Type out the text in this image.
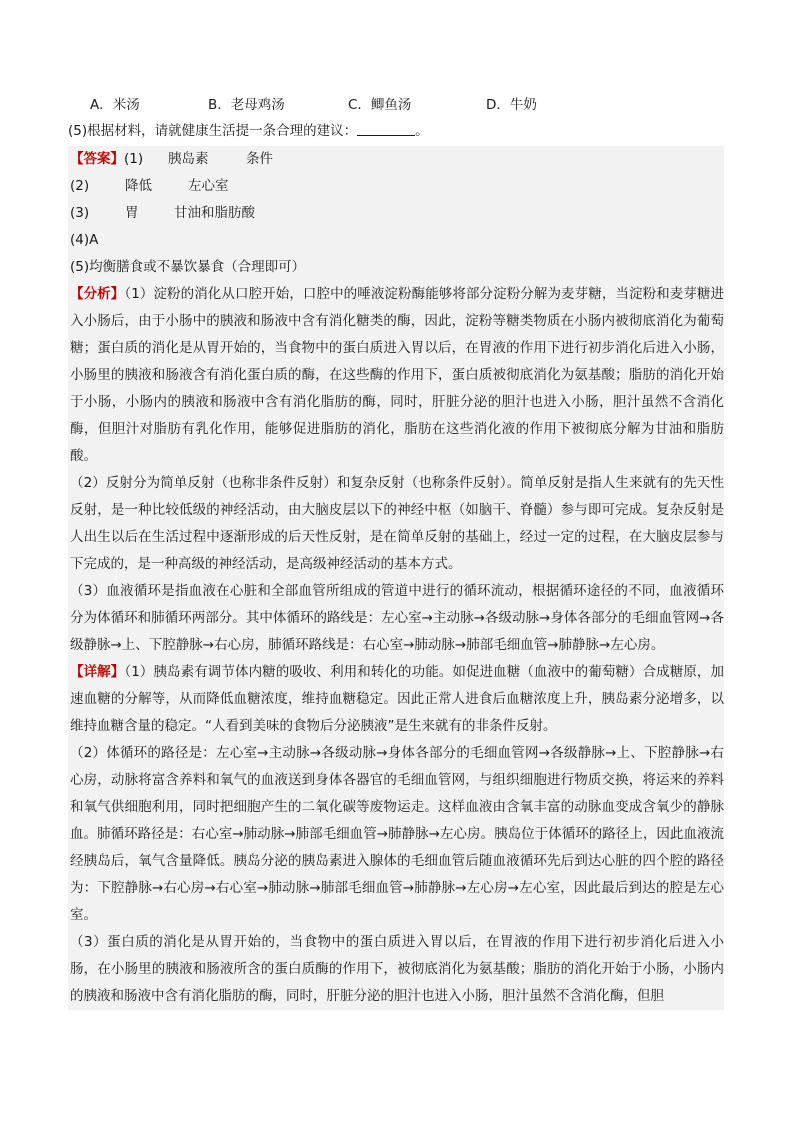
A．米汤	B．老母鸡汤	C．鲫鱼汤	D．牛奶
(5)根据材料，请就健康生活提一条合理的建议：	。
【答案】(1) 胰岛素	条件
(2)	降低	左心室
(3)	胃	甘油和脂肪酸
(4)A
(5)均衡膳食或不暴饮暴食（合理即可）
【分析】（1）淀粉的消化从口腔开始，口腔中的唾液淀粉酶能够将部分淀粉分解为麦芽糖，当淀粉和麦芽糖进入小肠后，由于小肠中的胰液和肠液中含有消化糖类的酶，因此，淀粉等糖类物质在小肠内被彻底消化为葡萄糖；蛋白质的消化是从胃开始的，当食物中的蛋白质进入胃以后，在胃液的作用下进行初步消化后进入小肠，小肠里的胰液和肠液含有消化蛋白质的酶，在这些酶的作用下，蛋白质被彻底消化为氨基酸；脂肪的消化开始于小肠，小肠内的胰液和肠液中含有消化脂肪的酶，同时，肝脏分泌的胆汁也进入小肠，胆汁虽然不含消化酶，但胆汁对脂肪有乳化作用，能够促进脂肪的消化，脂肪在这些消化液的作用下被彻底分解为甘油和脂肪酸。
（2）反射分为简单反射（也称非条件反射）和复杂反射（也称条件反射）。简单反射是指人生来就有的先天性反射，是一种比较低级的神经活动，由大脑皮层以下的神经中枢（如脑干、脊髓）参与即可完成。复杂反射是人出生以后在生活过程中逐渐形成的后天性反射，是在简单反射的基础上，经过一定的过程，在大脑皮层参与下完成的，是一种高级的神经活动，是高级神经活动的基本方式。
（3）血液循环是指血液在心脏和全部血管所组成的管道中进行的循环流动，根据循环途径的不同，血液循环分为体循环和肺循环两部分。其中体循环的路线是：左心室→主动脉→各级动脉→身体各部分的毛细血管网→各级静脉→上、下腔静脉→右心房，肺循环路线是：右心室→肺动脉→肺部毛细血管→肺静脉→左心房。
【详解】（1）胰岛素有调节体内糖的吸收、利用和转化的功能。如促进血糖（血液中的葡萄糖）合成糖原，加速血糖的分解等，从而降低血糖浓度，维持血糖稳定。因此正常人进食后血糖浓度上升，胰岛素分泌增多，以维持血糖含量的稳定。“人看到美味的食物后分泌胰液”是生来就有的非条件反射。
（2）体循环的路径是：左心室→主动脉→各级动脉→身体各部分的毛细血管网→各级静脉→上、下腔静脉→右心房，动脉将富含养料和氧气的血液送到身体各器官的毛细血管网，与组织细胞进行物质交换，将运来的养料和氧气供细胞利用，同时把细胞产生的二氧化碳等废物运走。这样血液由含氧丰富的动脉血变成含氧少的静脉血。肺循环路径是：右心室→肺动脉→肺部毛细血管→肺静脉→左心房。胰岛位于体循环的路径上，因此血液流经胰岛后，氧气含量降低。胰岛分泌的胰岛素进入腺体的毛细血管后随血液循环先后到达心脏的四个腔的路径为：下腔静脉→右心房→右心室→肺动脉→肺部毛细血管→肺静脉→左心房→左心室，因此最后到达的腔是左心室。
（3）蛋白质的消化是从胃开始的，当食物中的蛋白质进入胃以后，在胃液的作用下进行初步消化后进入小肠，在小肠里的胰液和肠液所含的蛋白质酶的作用下，被彻底消化为氨基酸；脂肪的消化开始于小肠，小肠内的胰液和肠液中含有消化脂肪的酶，同时，肝脏分泌的胆汁也进入小肠，胆汁虽然不含消化酶，但胆
